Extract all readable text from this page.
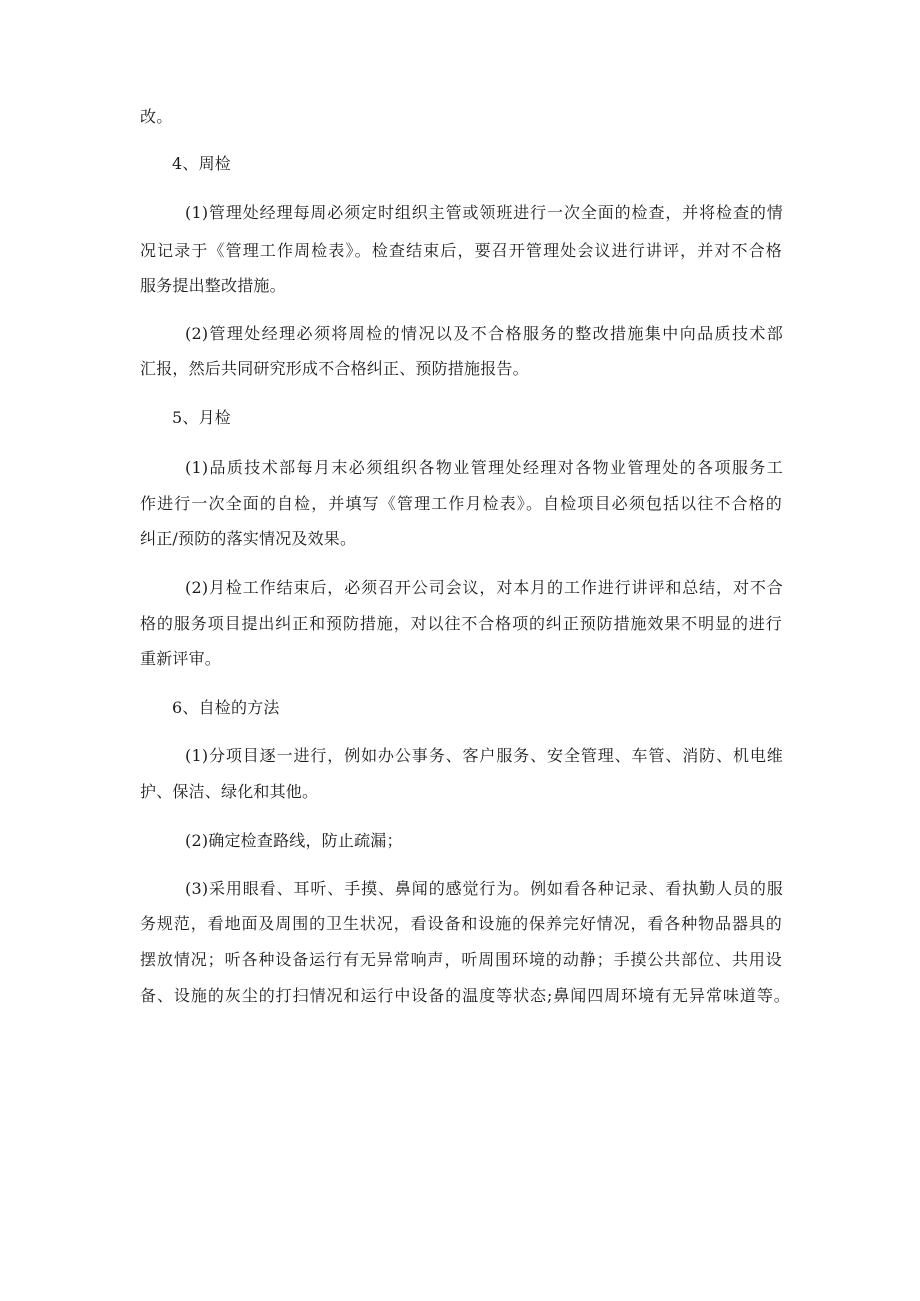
改。
4、周检
(1)管理处经理每周必须定时组织主管或领班进行一次全面的检查，并将检查的情
况记录于《管理工作周检表》。检查结束后，要召开管理处会议进行讲评，并对不合格
服务提出整改措施。
(2)管理处经理必须将周检的情况以及不合格服务的整改措施集中向品质技术部
汇报，然后共同研究形成不合格纠正、预防措施报告。
5、月检
(1)品质技术部每月末必须组织各物业管理处经理对各物业管理处的各项服务工
作进行一次全面的自检，并填写《管理工作月检表》。自检项目必须包括以往不合格的
纠正/预防的落实情况及效果。
(2)月检工作结束后，必须召开公司会议，对本月的工作进行讲评和总结，对不合
格的服务项目提出纠正和预防措施，对以往不合格项的纠正预防措施效果不明显的进行
重新评审。
6、自检的方法
(1)分项目逐一进行，例如办公事务、客户服务、安全管理、车管、消防、机电维
护、保洁、绿化和其他。
(2)确定检查路线，防止疏漏；
(3)采用眼看、耳听、手摸、鼻闻的感觉行为。例如看各种记录、看执勤人员的服
务规范，看地面及周围的卫生状况，看设备和设施的保养完好情况，看各种物品器具的
摆放情况；听各种设备运行有无异常响声，听周围环境的动静；手摸公共部位、共用设
备、设施的灰尘的打扫情况和运行中设备的温度等状态;鼻闻四周环境有无异常味道等。
